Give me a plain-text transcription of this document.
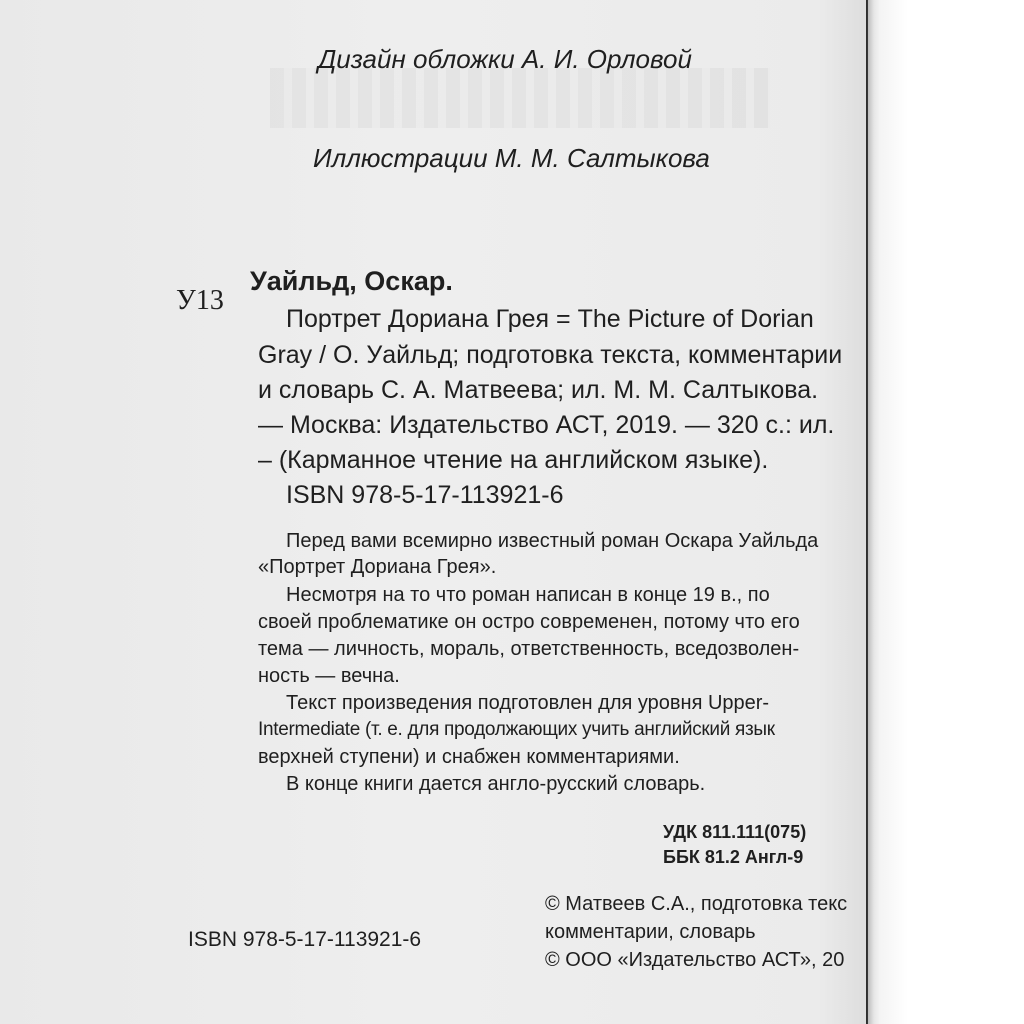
Дизайн обложки А. И. Орловой
Иллюстрации М. М. Салтыкова
У13
Уайльд, Оскар.
Портрет Дориана Грея = The Picture of Dorian
Gray / О. Уайльд; подготовка текста, комментарии
и словарь С. А. Матвеева; ил. М. М. Салтыкова.
— Москва: Издательство АСТ, 2019. — 320 с.: ил.
– (Карманное чтение на английском языке).
ISBN 978-5-17-113921-6
Перед вами всемирно известный роман Оскара Уайльда
«Портрет Дориана Грея».
Несмотря на то что роман написан в конце 19 в., по
своей проблематике он остро современен, потому что его
тема — личность, мораль, ответственность, вседозволен-
ность — вечна.
Текст произведения подготовлен для уровня Upper-
Intermediate (т. е. для продолжающих учить английский язык
верхней ступени) и снабжен комментариями.
В конце книги дается англо-русский словарь.
УДК 811.111(075)
ББК 81.2 Англ-9
ISBN 978-5-17-113921-6
© Матвеев С.А., подготовка текс
комментарии, словарь
© ООО «Издательство АСТ», 20
